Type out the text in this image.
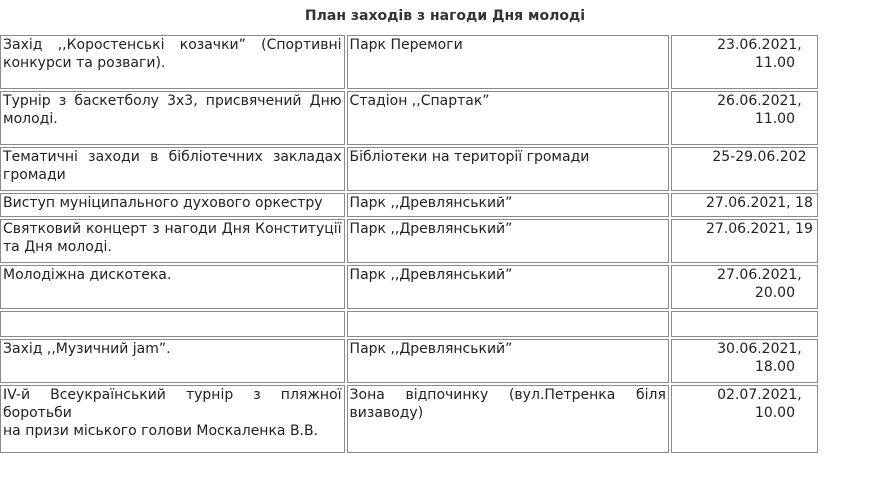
План заходів з нагоди Дня молоді

	Захід ,,Коростенські козачки” (Спортивні
конкурси та розваги).	Парк Перемоги	23.06.2021,
11.00

	Турнір з баскетболу 3х3, присвячений Дню
молоді.	Стадіон ,,Спартак”	26.06.2021,
11.00

	Тематичні заходи в бібліотечних закладах
громади	Бібліотеки на території громади	25-29.06.202

	Виступ муніципального духового оркестру	Парк ,,Древлянський”	27.06.2021, 18

	Святковий концерт з нагоди Дня Конституції
та Дня молоді.	Парк ,,Древлянський”	27.06.2021, 19

	Молодіжна дискотека.	Парк ,,Древлянський”	27.06.2021,
20.00

	Захід ,,Музичний jam”.	Парк ,,Древлянський”	30.06.2021,
18.00

	IV-й Всеукраїнський турнір з пляжної
боротьби
на призи міського голови Москаленка В.В.	Зона відпочинку (вул.Петренка біля
визаводу)	02.07.2021,
10.00
